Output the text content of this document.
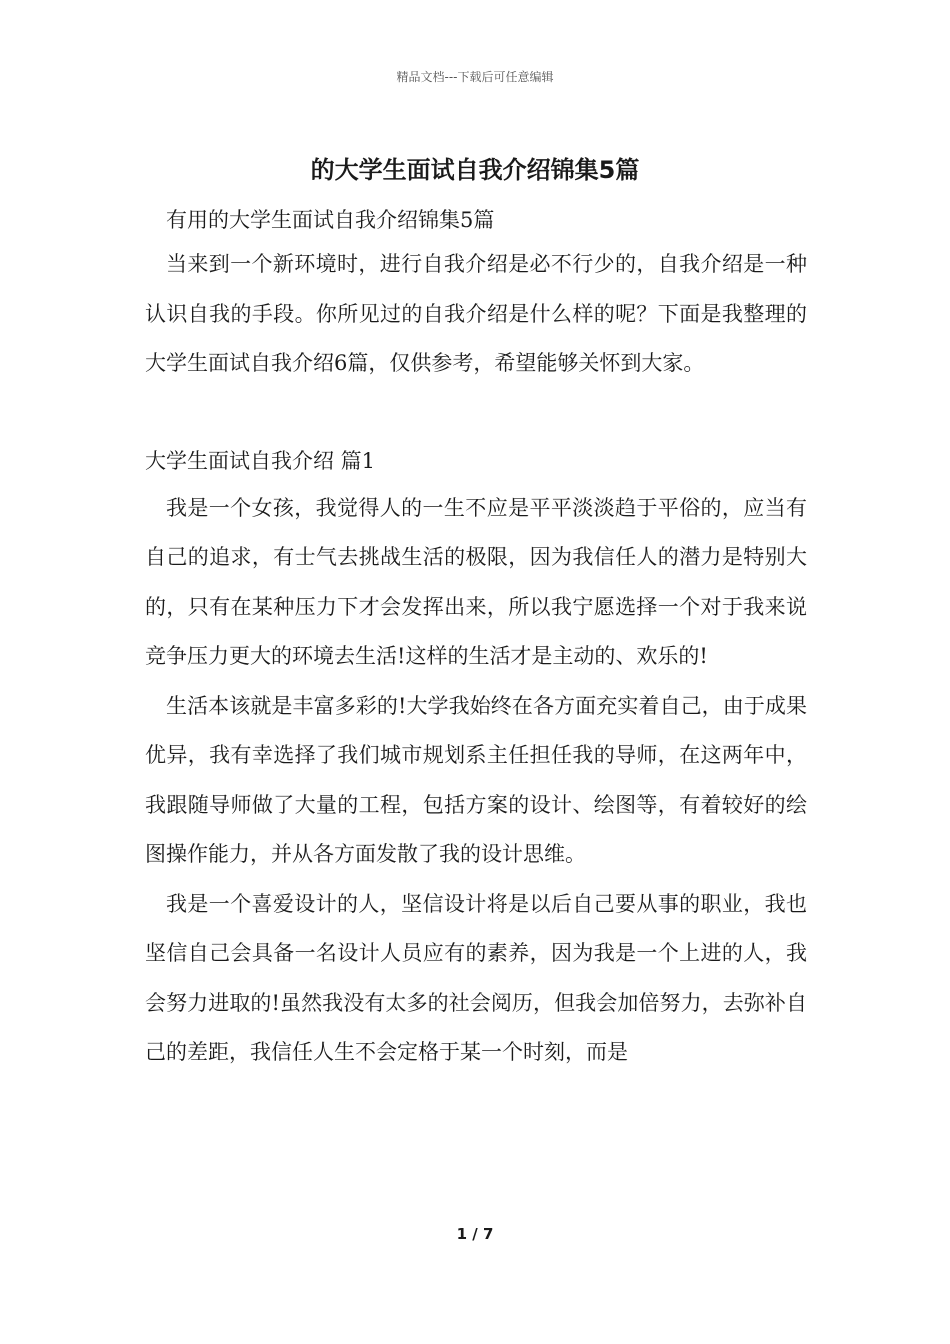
精品文档---下载后可任意编辑
的大学生面试自我介绍锦集5篇

有用的大学生面试自我介绍锦集5篇

当来到一个新环境时，进行自我介绍是必不行少的，自我介绍是一种认识自我的手段。你所见过的自我介绍是什么样的呢？下面是我整理的大学生面试自我介绍6篇，仅供参考，希望能够关怀到大家。

大学生面试自我介绍 篇1

我是一个女孩，我觉得人的一生不应是平平淡淡趋于平俗的，应当有自己的追求，有士气去挑战生活的极限，因为我信任人的潜力是特别大的，只有在某种压力下才会发挥出来，所以我宁愿选择一个对于我来说竞争压力更大的环境去生活!这样的生活才是主动的、欢乐的!

生活本该就是丰富多彩的!大学我始终在各方面充实着自己，由于成果优异，我有幸选择了我们城市规划系主任担任我的导师，在这两年中，我跟随导师做了大量的工程，包括方案的设计、绘图等，有着较好的绘图操作能力，并从各方面发散了我的设计思维。

我是一个喜爱设计的人，坚信设计将是以后自己要从事的职业，我也坚信自己会具备一名设计人员应有的素养，因为我是一个上进的人，我会努力进取的!虽然我没有太多的社会阅历，但我会加倍努力，去弥补自己的差距，我信任人生不会定格于某一个时刻，而是

1 / 7
